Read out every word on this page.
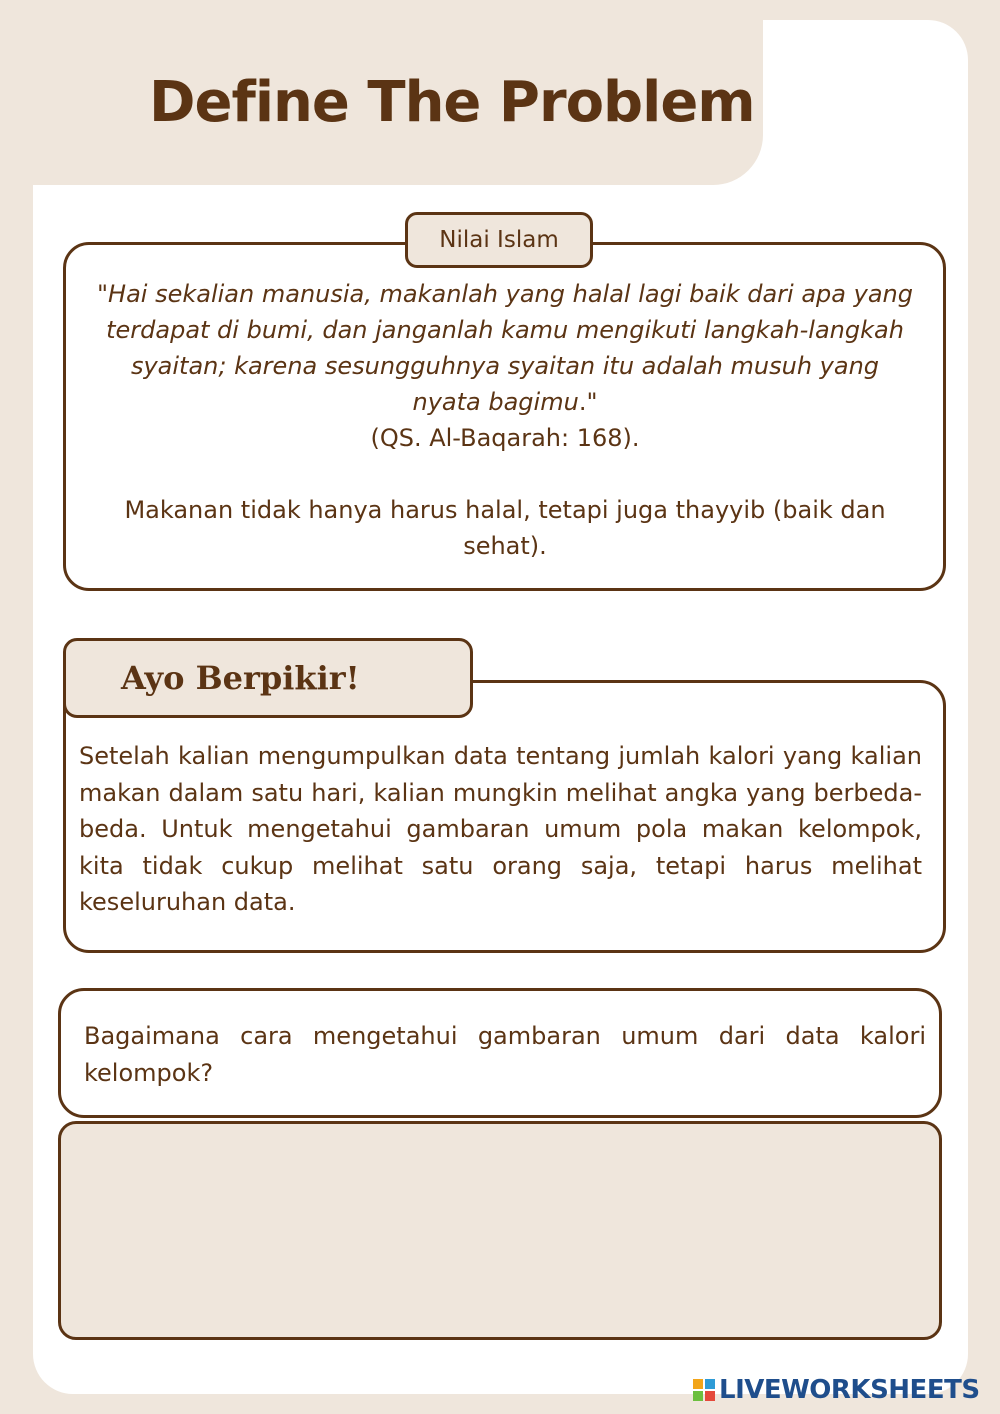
Define The Problem
Nilai Islam

"Hai sekalian manusia, makanlah yang halal lagi baik dari apa yang terdapat di bumi, dan janganlah kamu mengikuti langkah-langkah syaitan; karena sesungguhnya syaitan itu adalah musuh yang nyata bagimu."

(QS. Al-Baqarah: 168).

Makanan tidak hanya harus halal, tetapi juga thayyib (baik dan sehat).

Ayo Berpikir!
Setelah kalian mengumpulkan data tentang jumlah kalori yang kalian makan dalam satu hari, kalian mungkin melihat angka yang berbeda-beda. Untuk mengetahui gambaran umum pola makan kelompok, kita tidak cukup melihat satu orang saja, tetapi harus melihat keseluruhan data.
Bagaimana cara mengetahui gambaran umum dari data kalori kelompok?
LIVEWORKSHEETS
